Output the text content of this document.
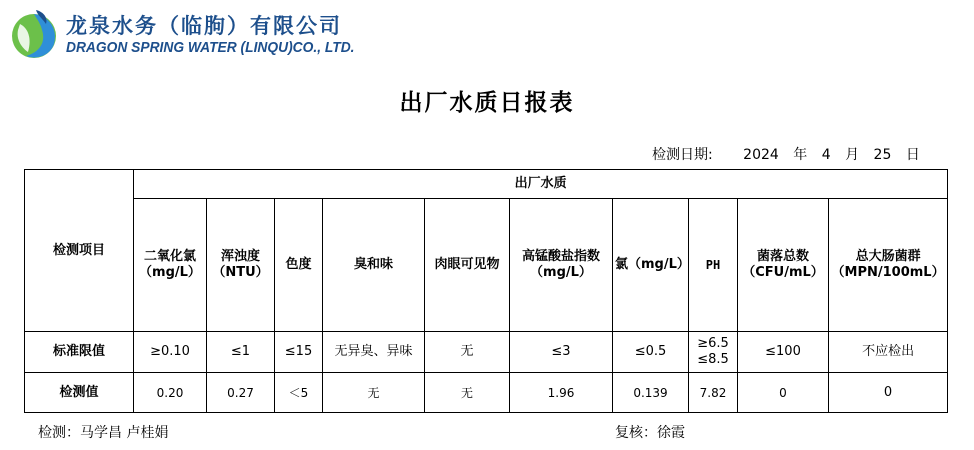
龙泉水务（临朐）有限公司
DRAGON SPRING WATER (LINQU)CO., LTD.
出厂水质日报表
检测日期: 2024 年 4 月 25 日
检测项目	出厂水质									
	二氧化氯（mg/L）	浑浊度（NTU）	色度	臭和味	肉眼可见物	高锰酸盐指数（mg/L）	氯（mg/L）	PH	菌落总数（CFU/mL）	总大肠菌群（MPN/100mL）
标准限值	≥0.10	≤1	≤15	无异臭、异味	无	≤3	≤0.5	≥6.5 ≤8.5	≤100	不应检出
检测值	0.20	0.27	＜5	无	无	1.96	0.139	7.82	0	0
检测：马学昌 卢桂娟	复核：徐霞
